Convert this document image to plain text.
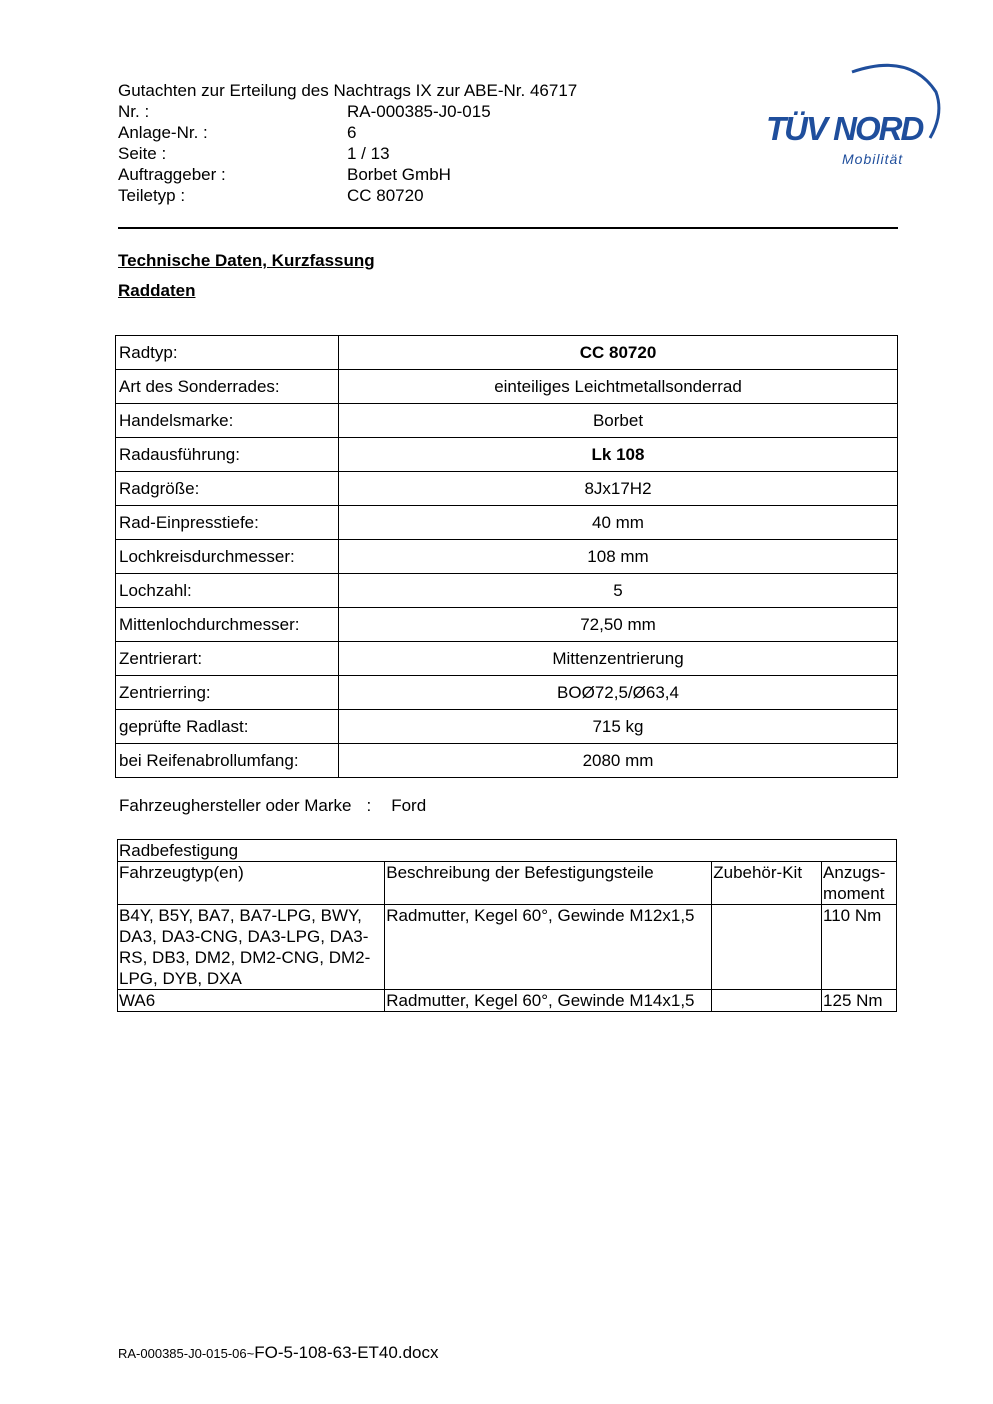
Gutachten zur Erteilung des Nachtrags IX zur ABE-Nr. 46717
Nr. :	RA-000385-J0-015
Anlage-Nr. :	6
Seite :	1 / 13
Auftraggeber :	Borbet GmbH
Teiletyp :	CC 80720
TÜV NORD
Mobilität
Technische Daten, Kurzfassung
Raddaten
Radtyp:	CC 80720
Art des Sonderrades:	einteiliges Leichtmetallsonderrad
Handelsmarke:	Borbet
Radausführung:	Lk 108
Radgröße:	8Jx17H2
Rad-Einpresstiefe:	40 mm
Lochkreisdurchmesser:	108 mm
Lochzahl:	5
Mittenlochdurchmesser:	72,50 mm
Zentrierart:	Mittenzentrierung
Zentrierring:	BOØ72,5/Ø63,4
geprüfte Radlast:	715 kg
bei Reifenabrollumfang:	2080 mm
Fahrzeughersteller oder Marke : Ford
Radbefestigung			
Fahrzeugtyp(en)	Beschreibung der Befestigungsteile	Zubehör-Kit	Anzugs-moment
B4Y, B5Y, BA7, BA7-LPG, BWY, DA3, DA3-CNG, DA3-LPG, DA3-RS, DB3, DM2, DM2-CNG, DM2-LPG, DYB, DXA	Radmutter, Kegel 60°, Gewinde M12x1,5		110 Nm
WA6	Radmutter, Kegel 60°, Gewinde M14x1,5		125 Nm
RA-000385-J0-015-06~ FO-5-108-63-ET40.docx
